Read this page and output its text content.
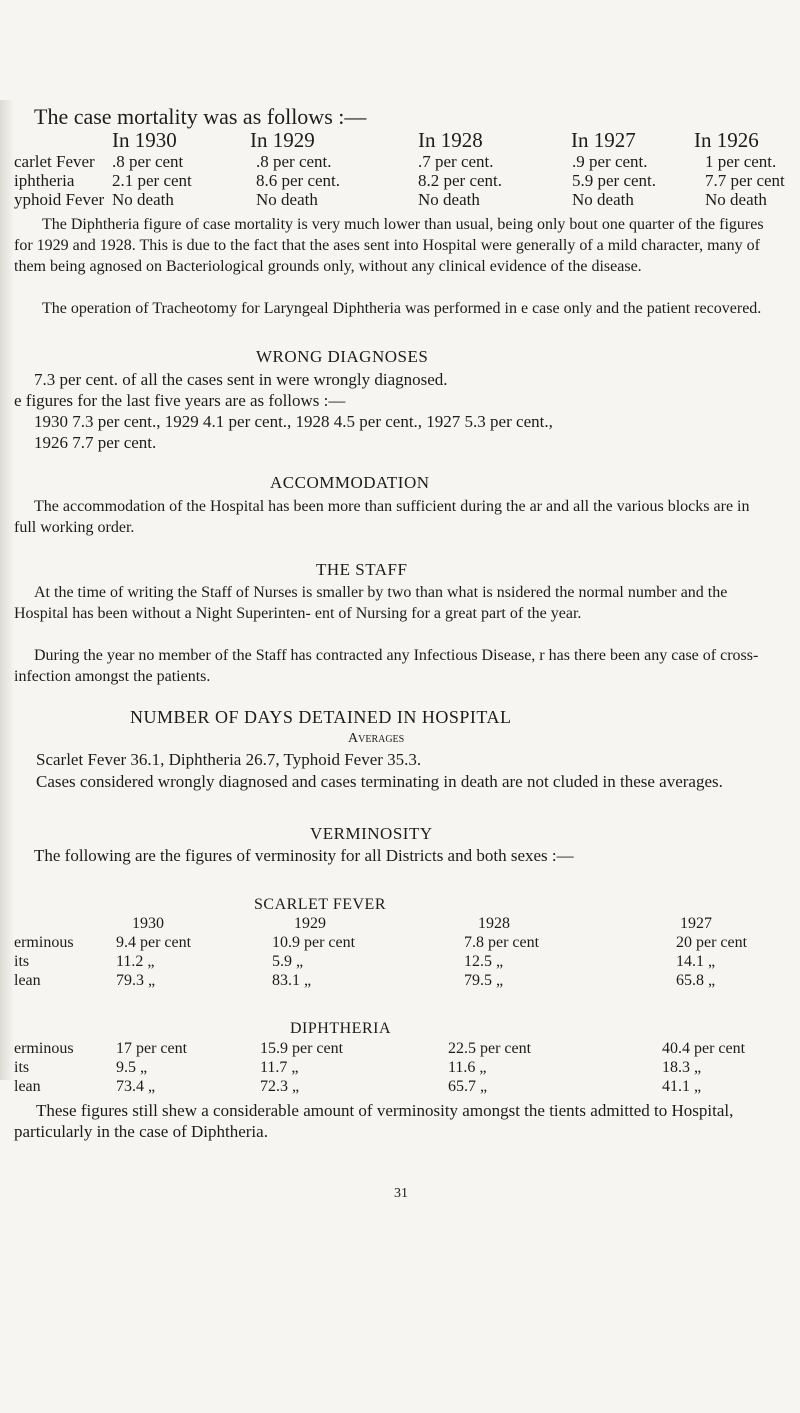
The case mortality was as follows :—
In 1930	In 1929	In 1928	In 1927	In 1926
carlet Fever .8 per cent	.8 per cent.	.7 per cent.	.9 per cent.	1 per cent.
iphtheria 2.1 per cent	8.6 per cent.	8.2 per cent.	5.9 per cent.	7.7 per cent
yphoid Fever No death	No death	No death	No death	No death

The Diphtheria figure of case mortality is very much lower than usual, being only bout one quarter of the figures for 1929 and 1928. This is due to the fact that the ases sent into Hospital were generally of a mild character, many of them being agnosed on Bacteriological grounds only, without any clinical evidence of the disease.

The operation of Tracheotomy for Laryngeal Diphtheria was performed in e case only and the patient recovered.

WRONG DIAGNOSES
7.3 per cent. of all the cases sent in were wrongly diagnosed.
e figures for the last five years are as follows :—
1930 7.3 per cent., 1929 4.1 per cent., 1928 4.5 per cent., 1927 5.3 per cent.,
1926 7.7 per cent.
ACCOMMODATION

The accommodation of the Hospital has been more than sufficient during the ar and all the various blocks are in full working order.

THE STAFF

At the time of writing the Staff of Nurses is smaller by two than what is nsidered the normal number and the Hospital has been without a Night Superinten- ent of Nursing for a great part of the year.

During the year no member of the Staff has contracted any Infectious Disease, r has there been any case of cross-infection amongst the patients.

NUMBER OF DAYS DETAINED IN HOSPITAL
Averages
Scarlet Fever 36.1, Diphtheria 26.7, Typhoid Fever 35.3.

Cases considered wrongly diagnosed and cases terminating in death are not cluded in these averages.

VERMINOSITY
The following are the figures of verminosity for all Districts and both sexes :—
SCARLET FEVER
1930	1929	1928	1927
erminous	9.4 per cent	10.9 per cent	7.8 per cent	20 per cent
its	11.2 „	5.9 „	12.5 „	14.1 „
lean	79.3 „	83.1 „	79.5 „	65.8 „
DIPHTHERIA
erminous	17 per cent	15.9 per cent	22.5 per cent	40.4 per cent
its	9.5 „	11.7 „	11.6 „	18.3 „
lean	73.4 „	72.3 „	65.7 „	41.1 „

These figures still shew a considerable amount of verminosity amongst the tients admitted to Hospital, particularly in the case of Diphtheria.

31
